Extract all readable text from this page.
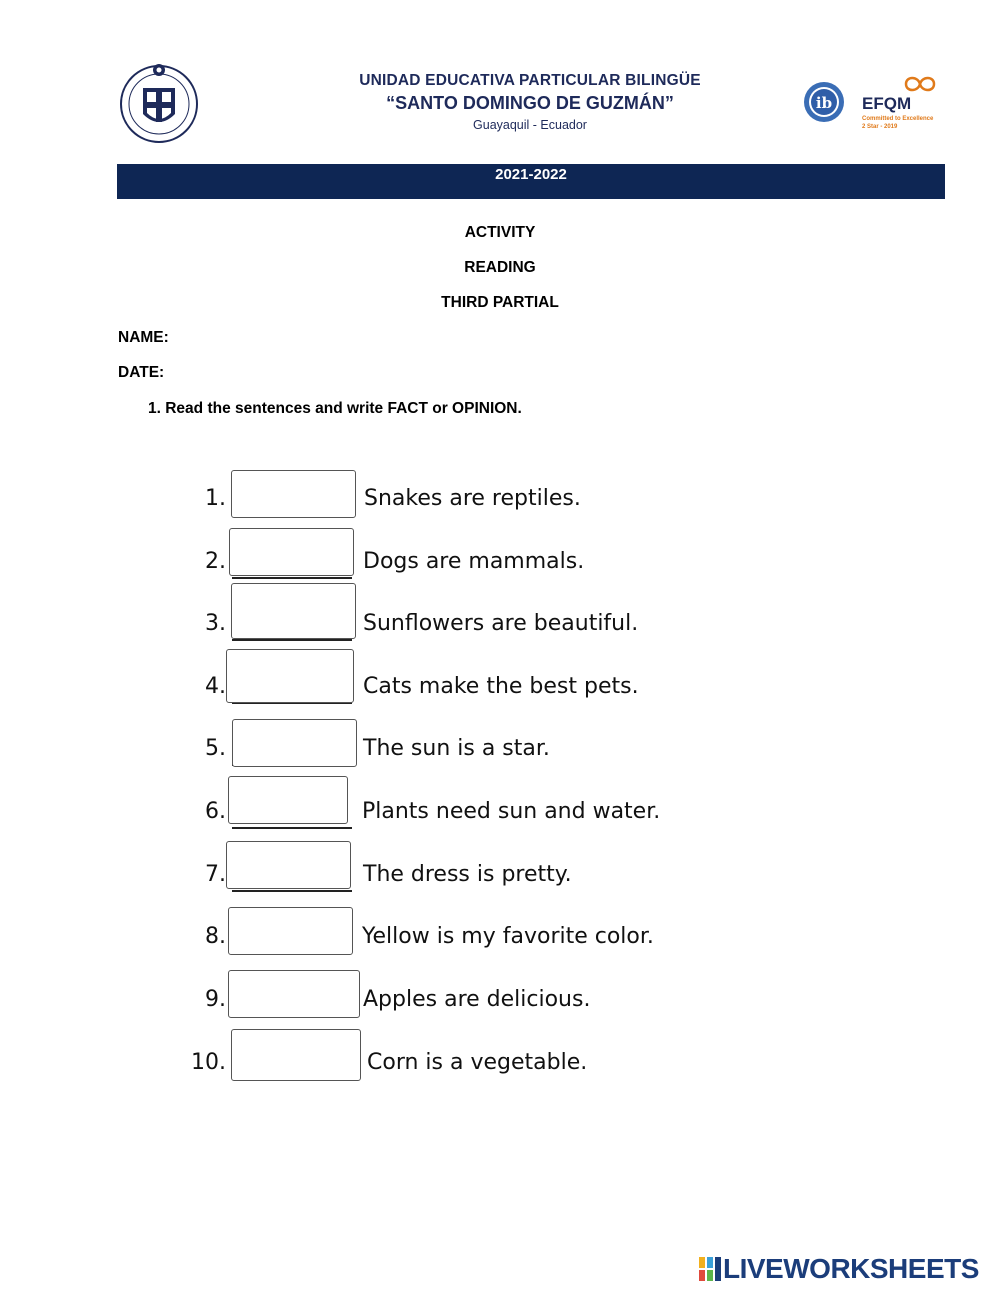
UNIDAD EDUCATIVA PARTICULAR BILINGÜE
“SANTO DOMINGO DE GUZMÁN”
Guayaquil - Ecuador
ib EFQM
Committed to Excellence
2 Star - 2019
2021-2022
ACTIVITY
READING
THIRD PARTIAL
NAME:
DATE:
1. Read the sentences and write FACT or OPINION.
1.	Snakes are reptiles.
2.	Dogs are mammals.
3.	Sunflowers are beautiful.
4.	Cats make the best pets.
5.	The sun is a star.
6.	Plants need sun and water.
7.	The dress is pretty.
8.	Yellow is my favorite color.
9.	Apples are delicious.
10.	Corn is a vegetable.
LIVEWORKSHEETS
